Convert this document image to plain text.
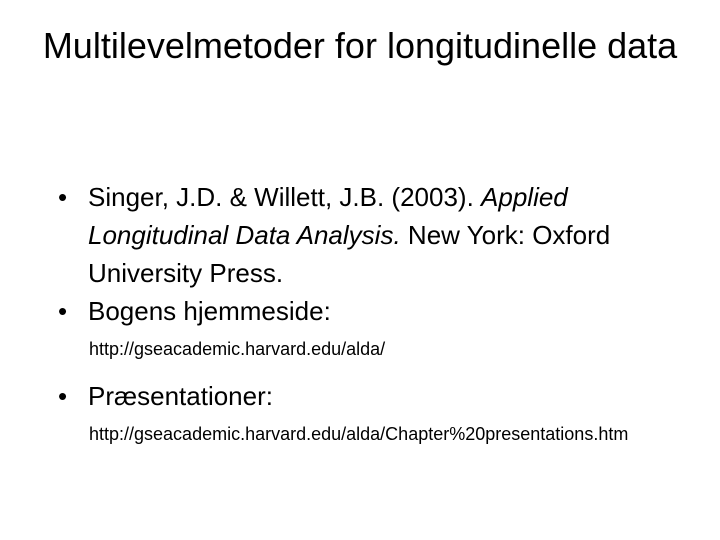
Multilevelmetoder for longitudinelle data
• Singer, J.D. & Willett, J.B. (2003). Applied Longitudinal Data Analysis. New York: Oxford University Press.
• Bogens hjemmeside:
http://gseacademic.harvard.edu/alda/
• Præsentationer:
http://gseacademic.harvard.edu/alda/Chapter%20presentations.htm
